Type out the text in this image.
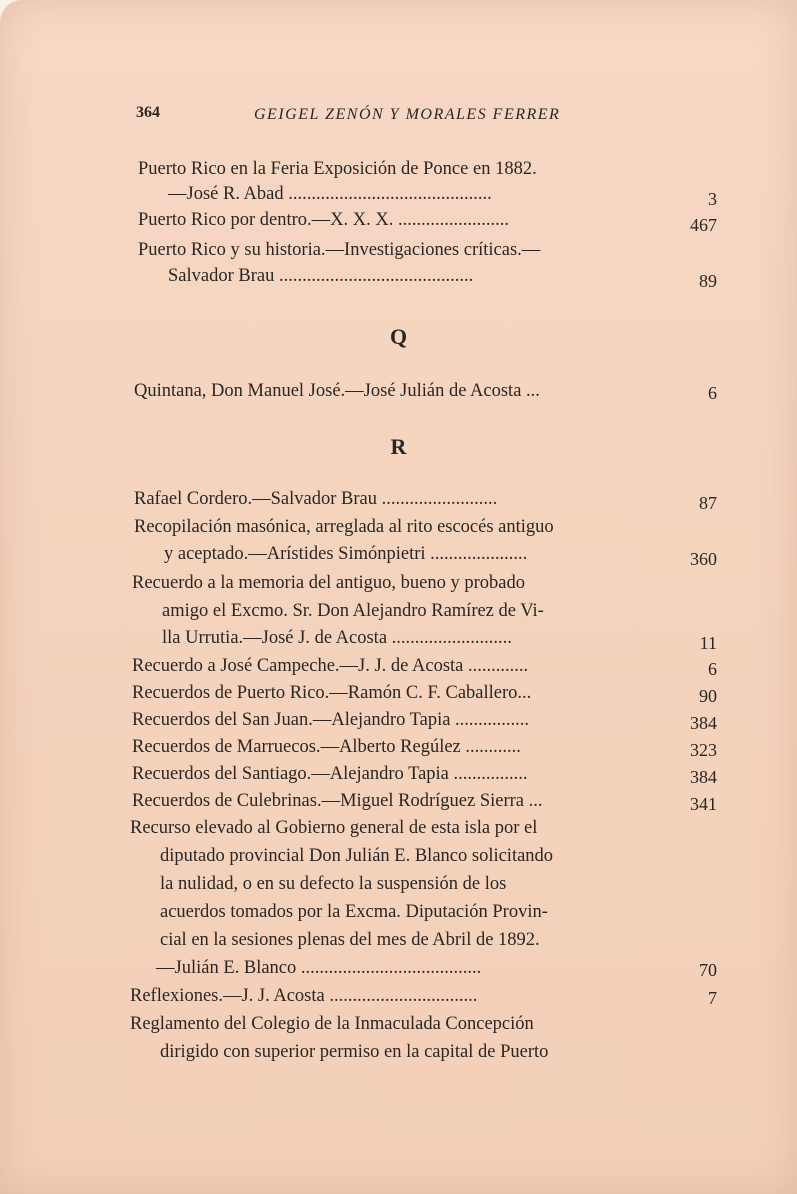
364	GEIGEL ZENÓN Y MORALES FERRER
Puerto Rico en la Feria Exposición de Ponce en 1882.
—José R. Abad ............................................	3
Puerto Rico por dentro.—X. X. X. ........................	467
Puerto Rico y su historia.—Investigaciones críticas.—
Salvador Brau ..........................................	89
Q
Quintana, Don Manuel José.—José Julián de Acosta ...	6
R
Rafael Cordero.—Salvador Brau .........................	87
Recopilación masónica, arreglada al rito escocés antiguo
y aceptado.—Arístides Simónpietri .....................	360
Recuerdo a la memoria del antiguo, bueno y probado
amigo el Excmo. Sr. Don Alejandro Ramírez de Vi-
lla Urrutia.—José J. de Acosta ..........................	11
Recuerdo a José Campeche.—J. J. de Acosta .............	6
Recuerdos de Puerto Rico.—Ramón C. F. Caballero...	90
Recuerdos del San Juan.—Alejandro Tapia ................	384
Recuerdos de Marruecos.—Alberto Regúlez ............	323
Recuerdos del Santiago.—Alejandro Tapia ................	384
Recuerdos de Culebrinas.—Miguel Rodríguez Sierra ...	341
Recurso elevado al Gobierno general de esta isla por el
diputado provincial Don Julián E. Blanco solicitando
la nulidad, o en su defecto la suspensión de los
acuerdos tomados por la Excma. Diputación Provin-
cial en la sesiones plenas del mes de Abril de 1892.
—Julián E. Blanco .......................................	70
Reflexiones.—J. J. Acosta ................................	7
Reglamento del Colegio de la Inmaculada Concepción
dirigido con superior permiso en la capital de Puerto
